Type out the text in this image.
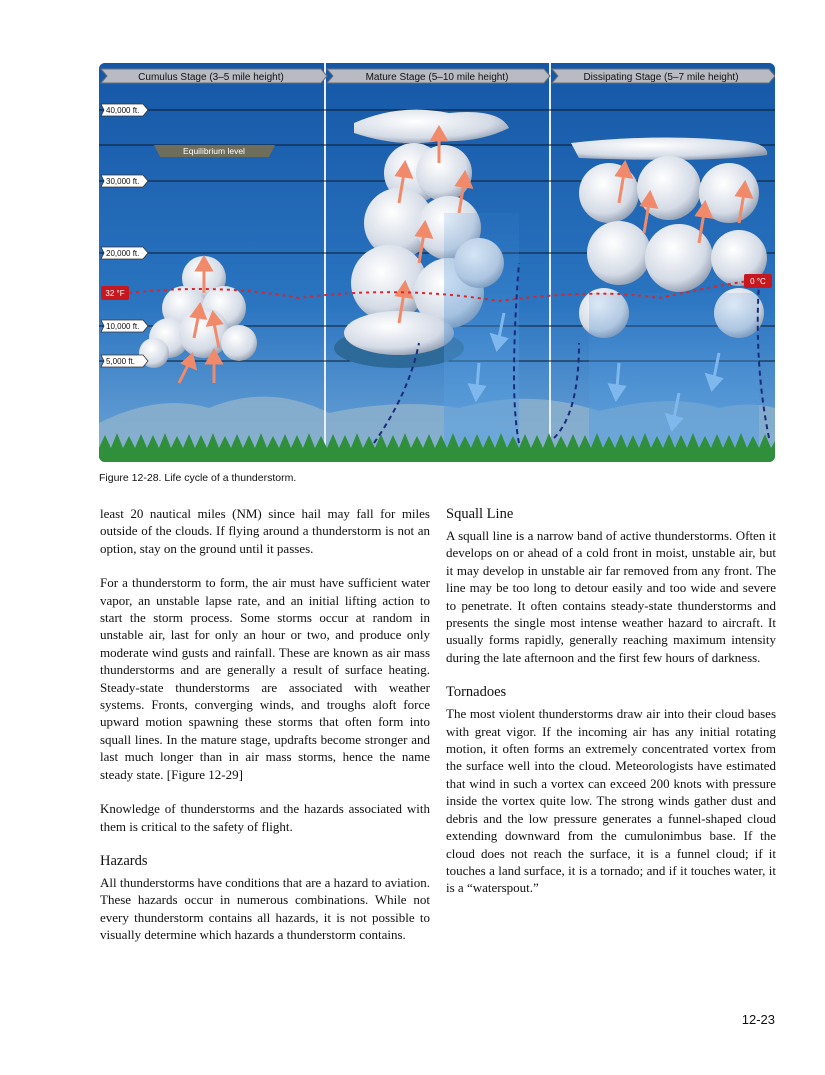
Cumulus Stage (3–5 mile height)	Mature Stage (5–10 mile height)	Dissipating Stage (5–7 mile height)
40,000 ft.
30,000 ft.
20,000 ft.
10,000 ft.
5,000 ft.
Equilibrium level
32 °F
0 °C
Figure 12-28. Life cycle of a thunderstorm.

least 20 nautical miles (NM) since hail may fall for miles outside of the clouds. If flying around a thunderstorm is not an option, stay on the ground until it passes.

For a thunderstorm to form, the air must have sufficient water vapor, an unstable lapse rate, and an initial lifting action to start the storm process. Some storms occur at random in unstable air, last for only an hour or two, and produce only moderate wind gusts and rainfall. These are known as air mass thunderstorms and are generally a result of surface heating. Steady-state thunderstorms are associated with weather systems. Fronts, converging winds, and troughs aloft force upward motion spawning these storms that often form into squall lines. In the mature stage, updrafts become stronger and last much longer than in air mass storms, hence the name steady state. [Figure 12-29]

Knowledge of thunderstorms and the hazards associated with them is critical to the safety of flight.

Hazards

All thunderstorms have conditions that are a hazard to aviation. These hazards occur in numerous combinations. While not every thunderstorm contains all hazards, it is not possible to visually determine which hazards a thunderstorm contains.

Squall Line

A squall line is a narrow band of active thunderstorms. Often it develops on or ahead of a cold front in moist, unstable air, but it may develop in unstable air far removed from any front. The line may be too long to detour easily and too wide and severe to penetrate. It often contains steady-state thunderstorms and presents the single most intense weather hazard to aircraft. It usually forms rapidly, generally reaching maximum intensity during the late afternoon and the first few hours of darkness.

Tornadoes

The most violent thunderstorms draw air into their cloud bases with great vigor. If the incoming air has any initial rotating motion, it often forms an extremely concentrated vortex from the surface well into the cloud. Meteorologists have estimated that wind in such a vortex can exceed 200 knots with pressure inside the vortex quite low. The strong winds gather dust and debris and the low pressure generates a funnel-shaped cloud extending downward from the cumulonimbus base. If the cloud does not reach the surface, it is a funnel cloud; if it touches a land surface, it is a tornado; and if it touches water, it is a “waterspout.”

12-23
